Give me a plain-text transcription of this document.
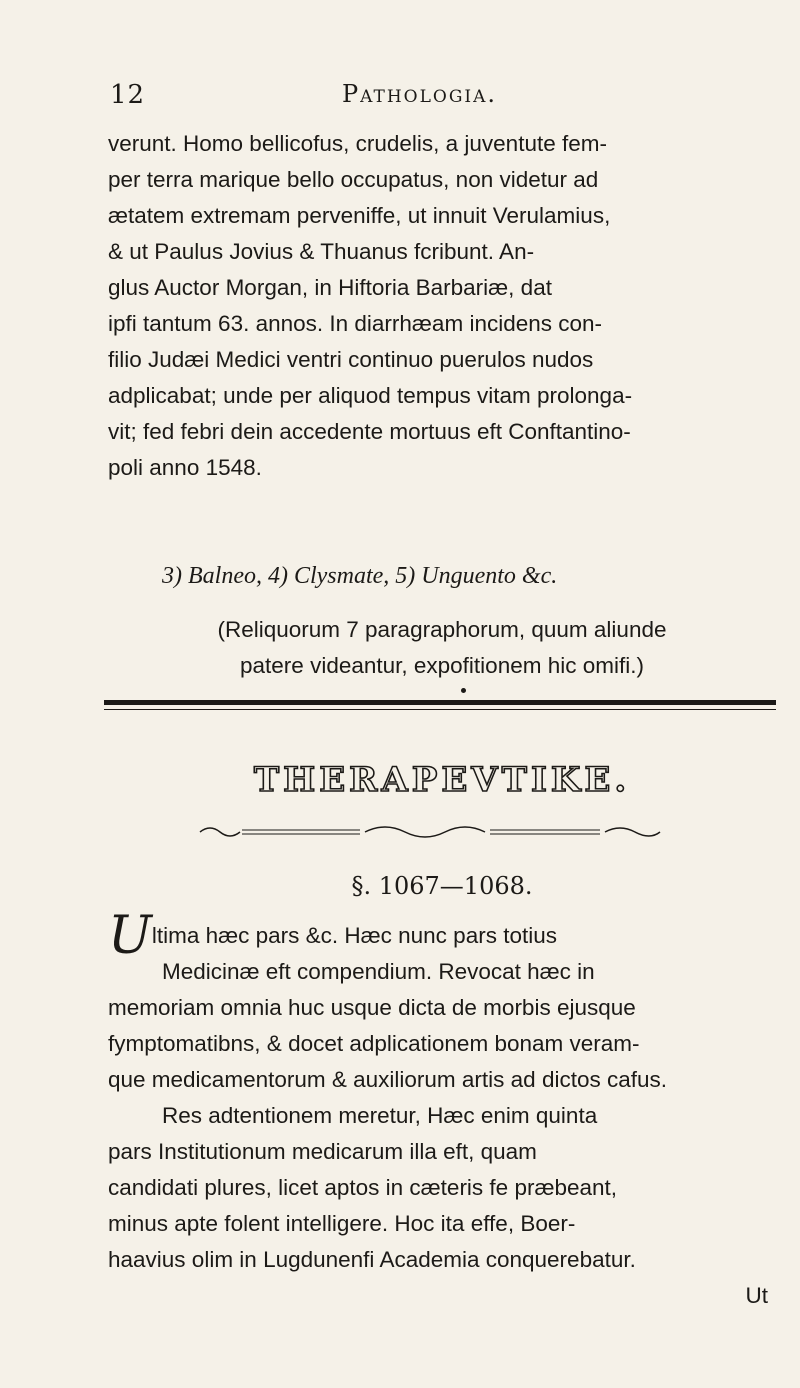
12	Pathologia.
verunt. Homo bellicofus, crudelis, a juventute fem-
per terra marique bello occupatus, non videtur ad
ætatem extremam perveniffe, ut innuit Verulamius,
& ut Paulus Jovius & Thuanus fcribunt. An-
glus Auctor Morgan, in Hiftoria Barbariæ, dat
ipfi tantum 63. annos. In diarrhæam incidens con-
filio Judæi Medici ventri continuo puerulos nudos
adplicabat; unde per aliquod tempus vitam prolonga-
vit; fed febri dein accedente mortuus eft Conftantino-
poli anno 1548.
3) Balneo, 4) Clysmate, 5) Unguento &c.
(Reliquorum 7 paragraphorum, quum aliunde
patere videantur, expofitionem hic omifi.)
THERAPEVTIKE.
§. 1067—1068.
Ultima hæc pars &c. Hæc nunc pars totius
Medicinæ eft compendium. Revocat hæc in
memoriam omnia huc usque dicta de morbis ejusque
fymptomatibns, & docet adplicationem bonam veram-
que medicamentorum & auxiliorum artis ad dictos cafus.
Res adtentionem meretur, Hæc enim quinta
pars Institutionum medicarum illa eft, quam
candidati plures, licet aptos in cæteris fe præbeant,
minus apte folent intelligere. Hoc ita effe, Boer-
haavius olim in Lugdunenfi Academia conquerebatur.
Ut
